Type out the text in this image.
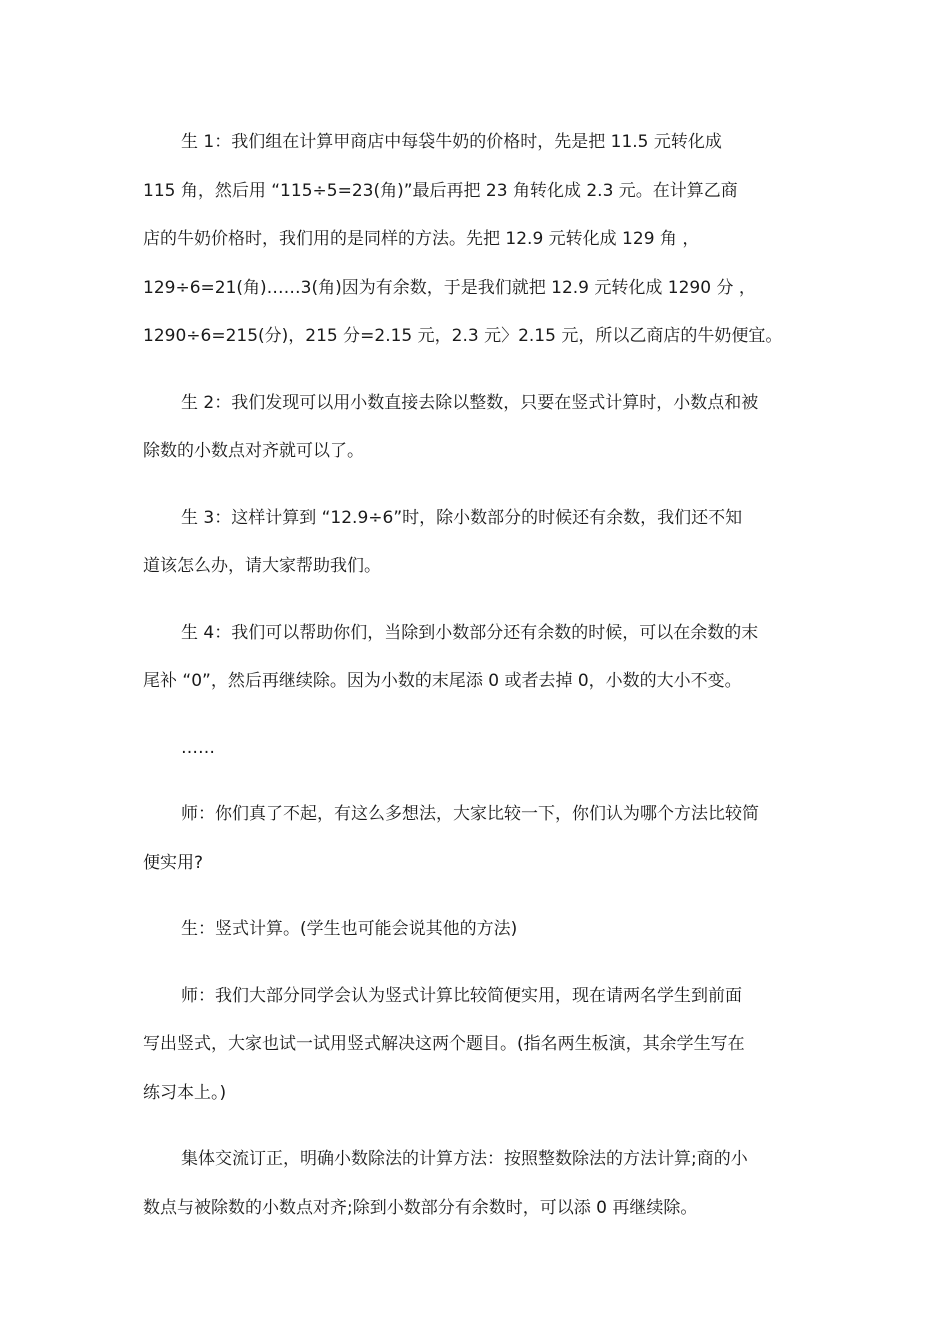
生 1：我们组在计算甲商店中每袋牛奶的价格时，先是把 11.5 元转化成
115 角，然后用 “115÷5=23(角)”最后再把 23 角转化成 2.3 元。在计算乙商
店的牛奶价格时，我们用的是同样的方法。先把 12.9 元转化成 129 角 ，
129÷6=21(角)……3(角)因为有余数，于是我们就把 12.9 元转化成 1290 分 ，
1290÷6=215(分)，215 分=2.15 元，2.3 元〉2.15 元，所以乙商店的牛奶便宜。
生 2：我们发现可以用小数直接去除以整数，只要在竖式计算时，小数点和被
除数的小数点对齐就可以了。
生 3：这样计算到 “12.9÷6”时，除小数部分的时候还有余数，我们还不知
道该怎么办，请大家帮助我们。
生 4：我们可以帮助你们，当除到小数部分还有余数的时候，可以在余数的末
尾补 “0”，然后再继续除。因为小数的末尾添 0 或者去掉 0，小数的大小不变。
……
师：你们真了不起，有这么多想法，大家比较一下，你们认为哪个方法比较简
便实用?
生：竖式计算。(学生也可能会说其他的方法)
师：我们大部分同学会认为竖式计算比较简便实用，现在请两名学生到前面
写出竖式，大家也试一试用竖式解决这两个题目。(指名两生板演，其余学生写在
练习本上。)
集体交流订正，明确小数除法的计算方法：按照整数除法的方法计算;商的小
数点与被除数的小数点对齐;除到小数部分有余数时，可以添 0 再继续除。
